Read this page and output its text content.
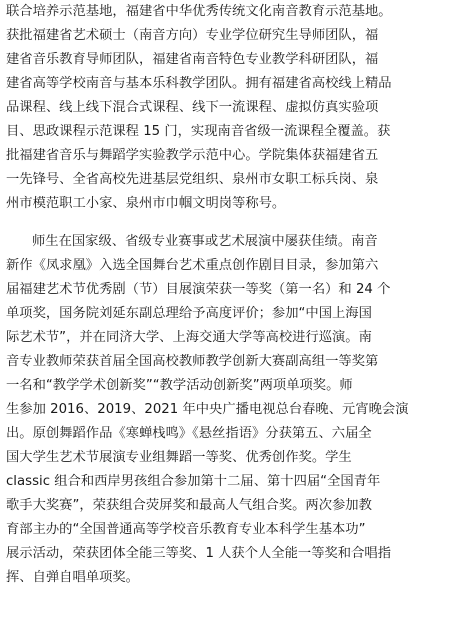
联合培养示范基地，福建省中华优秀传统文化南音教育示范基地。
获批福建省艺术硕士（南音方向）专业学位研究生导师团队，福
建省音乐教育导师团队，福建省南音特色专业教学科研团队，福
建省高等学校南音与基本乐科教学团队。拥有福建省高校线上精品
品课程、线上线下混合式课程、线下一流课程、虚拟仿真实验项
目、思政课程示范课程 15 门，实现南音省级一流课程全覆盖。获
批福建省音乐与舞蹈学实验教学示范中心。学院集体获福建省五
一先锋号、全省高校先进基层党组织、泉州市女职工标兵岗、泉
州市模范职工小家、泉州市巾帼文明岗等称号。
师生在国家级、省级专业赛事或艺术展演中屡获佳绩。南音
新作《凤求凰》入选全国舞台艺术重点创作剧目目录，参加第六
届福建艺术节优秀剧（节）目展演荣获一等奖（第一名）和 24 个
单项奖，国务院刘延东副总理给予高度评价；参加“中国上海国
际艺术节”，并在同济大学、上海交通大学等高校进行巡演。南
音专业教师荣获首届全国高校教师教学创新大赛副高组一等奖第
一名和“教学学术创新奖”“教学活动创新奖”两项单项奖。师
生参加 2016、2019、2021 年中央广播电视总台春晚、元宵晚会演
出。原创舞蹈作品《寒蝉栈鸣》《悬丝指语》分获第五、六届全
国大学生艺术节展演专业组舞蹈一等奖、优秀创作奖。学生
classic 组合和西岸男孩组合参加第十二届、第十四届“全国青年
歌手大奖赛”，荣获组合荧屏奖和最高人气组合奖。两次参加教
育部主办的“全国普通高等学校音乐教育专业本科学生基本功”
展示活动，荣获团体全能三等奖、1 人获个人全能一等奖和合唱指
挥、自弹自唱单项奖。
